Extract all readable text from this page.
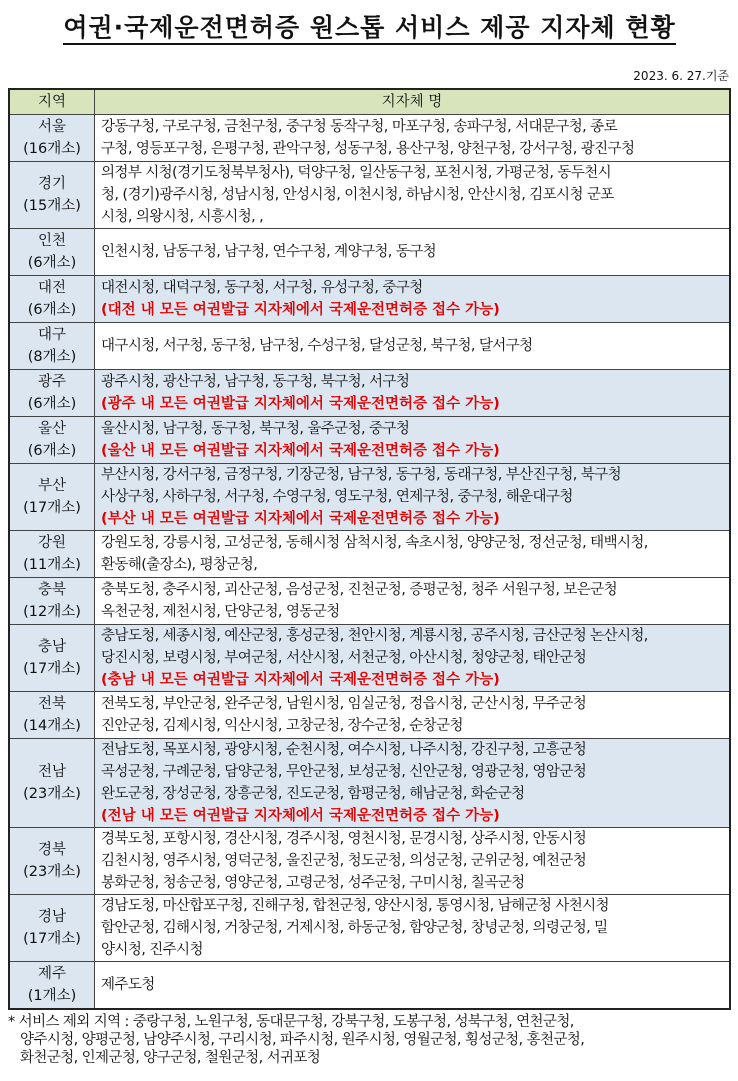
여권·국제운전면허증 원스톱 서비스 제공 지자체 현황
2023. 6. 27.기준
지역	지자체 명

서울
(16개소)	강동구청, 구로구청, 금천구청, 중구청 동작구청, 마포구청, 송파구청, 서대문구청, 종로
구청, 영등포구청, 은평구청, 관악구청, 성동구청, 용산구청, 양천구청, 강서구청, 광진구청

경기
(15개소)	의정부 시청(경기도청북부청사), 덕양구청, 일산동구청, 포천시청, 가평군청, 동두천시
청, (경기)광주시청, 성남시청, 안성시청, 이천시청, 하남시청, 안산시청, 김포시청 군포
시청, 의왕시청, 시흥시청, ,

인천
(6개소)	인천시청, 남동구청, 남구청, 연수구청, 계양구청, 동구청

대전
(6개소)	대전시청, 대덕구청, 동구청, 서구청, 유성구청, 중구청
(대전 내 모든 여권발급 지자체에서 국제운전면허증 접수 가능)

대구
(8개소)	대구시청, 서구청, 동구청, 남구청, 수성구청, 달성군청, 북구청, 달서구청

광주
(6개소)	광주시청, 광산구청, 남구청, 동구청, 북구청, 서구청
(광주 내 모든 여권발급 지자체에서 국제운전면허증 접수 가능)

울산
(6개소)	울산시청, 남구청, 동구청, 북구청, 울주군청, 중구청
(울산 내 모든 여권발급 지자체에서 국제운전면허증 접수 가능)

부산
(17개소)	부산시청, 강서구청, 금정구청, 기장군청, 남구청, 동구청, 동래구청, 부산진구청, 북구청
사상구청, 사하구청, 서구청, 수영구청, 영도구청, 연제구청, 중구청, 해운대구청
(부산 내 모든 여권발급 지자체에서 국제운전면허증 접수 가능)

강원
(11개소)	강원도청, 강릉시청, 고성군청, 동해시청 삼척시청, 속초시청, 양양군청, 정선군청, 태백시청,
환동해(출장소), 평창군청,

충북
(12개소)	충북도청, 충주시청, 괴산군청, 음성군청, 진천군청, 증평군청, 청주 서원구청, 보은군청
옥천군청, 제천시청, 단양군청, 영동군청

충남
(17개소)	충남도청, 세종시청, 예산군청, 홍성군청, 천안시청, 계룡시청, 공주시청, 금산군청 논산시청,
당진시청, 보령시청, 부여군청, 서산시청, 서천군청, 아산시청, 청양군청, 태안군청
(충남 내 모든 여권발급 지자체에서 국제운전면허증 접수 가능)

전북
(14개소)	전북도청, 부안군청, 완주군청, 남원시청, 임실군청, 정읍시청, 군산시청, 무주군청
진안군청, 김제시청, 익산시청, 고창군청, 장수군청, 순창군청

전남
(23개소)	전남도청, 목포시청, 광양시청, 순천시청, 여수시청, 나주시청, 강진구청, 고흥군청
곡성군청, 구례군청, 담양군청, 무안군청, 보성군청, 신안군청, 영광군청, 영암군청
완도군청, 장성군청, 장흥군청, 진도군청, 함평군청, 해남군청, 화순군청
(전남 내 모든 여권발급 지자체에서 국제운전면허증 접수 가능)

경북
(23개소)	경북도청, 포항시청, 경산시청, 경주시청, 영천시청, 문경시청, 상주시청, 안동시청
김천시청, 영주시청, 영덕군청, 울진군청, 청도군청, 의성군청, 군위군청, 예천군청
봉화군청, 청송군청, 영양군청, 고령군청, 성주군청, 구미시청, 칠곡군청

경남
(17개소)	경남도청, 마산합포구청, 진해구청, 합천군청, 양산시청, 통영시청, 남해군청 사천시청
함안군청, 김해시청, 거창군청, 거제시청, 하동군청, 함양군청, 창녕군청, 의령군청, 밀
양시청, 진주시청

제주
(1개소)	제주도청
* 서비스 제외 지역 : 중랑구청, 노원구청, 동대문구청, 강북구청, 도봉구청, 성북구청, 연천군청,
양주시청, 양평군청, 남양주시청, 구리시청, 파주시청, 원주시청, 영월군청, 횡성군청, 홍천군청,
화천군청, 인제군청, 양구군청, 철원군청, 서귀포청
